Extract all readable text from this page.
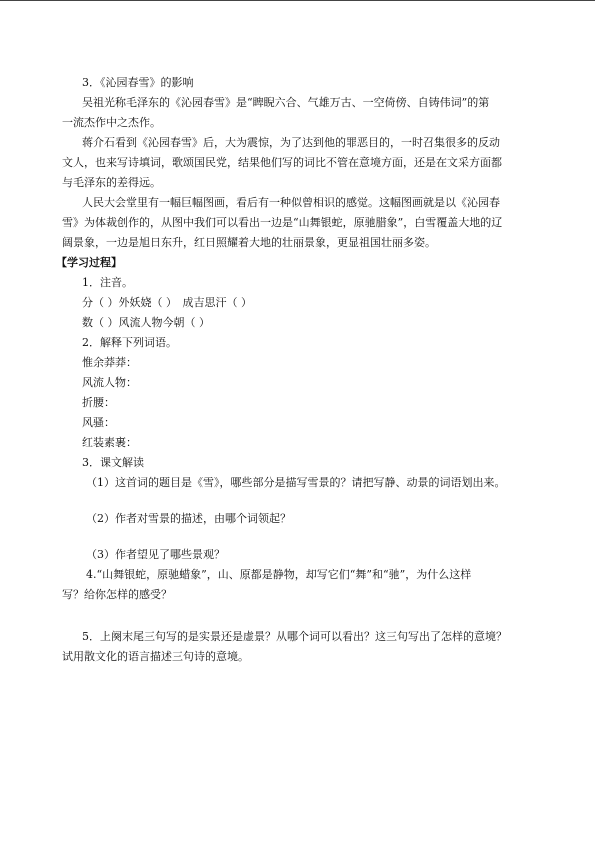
3．《沁园春雪》的影响

吴祖光称毛泽东的《沁园春雪》是“睥睨六合、气雄万古、一空倚傍、自铸伟词”的第

一流杰作中之杰作。

蒋介石看到《沁园春雪》后，大为震惊，为了达到他的罪恶目的，一时召集很多的反动

文人，也来写诗填词，歌颂国民党，结果他们写的词比不管在意境方面，还是在文采方面都

与毛泽东的差得远。

人民大会堂里有一幅巨幅图画，看后有一种似曾相识的感觉。这幅图画就是以《沁园春

雪》为体裁创作的，从图中我们可以看出一边是“山舞银蛇，原驰腊象”，白雪覆盖大地的辽

阔景象，一边是旭日东升，红日照耀着大地的壮丽景象，更显祖国壮丽多姿。

【学习过程】

1．注音。

分（ ）外妖娆（ ）　成吉思汗（ ）

数（ ）风流人物今朝（ ）

2．解释下列词语。

惟余莽莽：

风流人物：

折腰：

风骚：

红装素裹：

3．课文解读

（1）这首词的题目是《雪》，哪些部分是描写雪景的？请把写静、动景的词语划出来。

（2）作者对雪景的描述，由哪个词领起？

（3）作者望见了哪些景观？

4.“山舞银蛇，原驰蜡象”，山、原都是静物，却写它们“舞”和“驰”，为什么这样

写？给你怎样的感受？

5．上阕末尾三句写的是实景还是虚景？从哪个词可以看出？这三句写出了怎样的意境？

试用散文化的语言描述三句诗的意境。
